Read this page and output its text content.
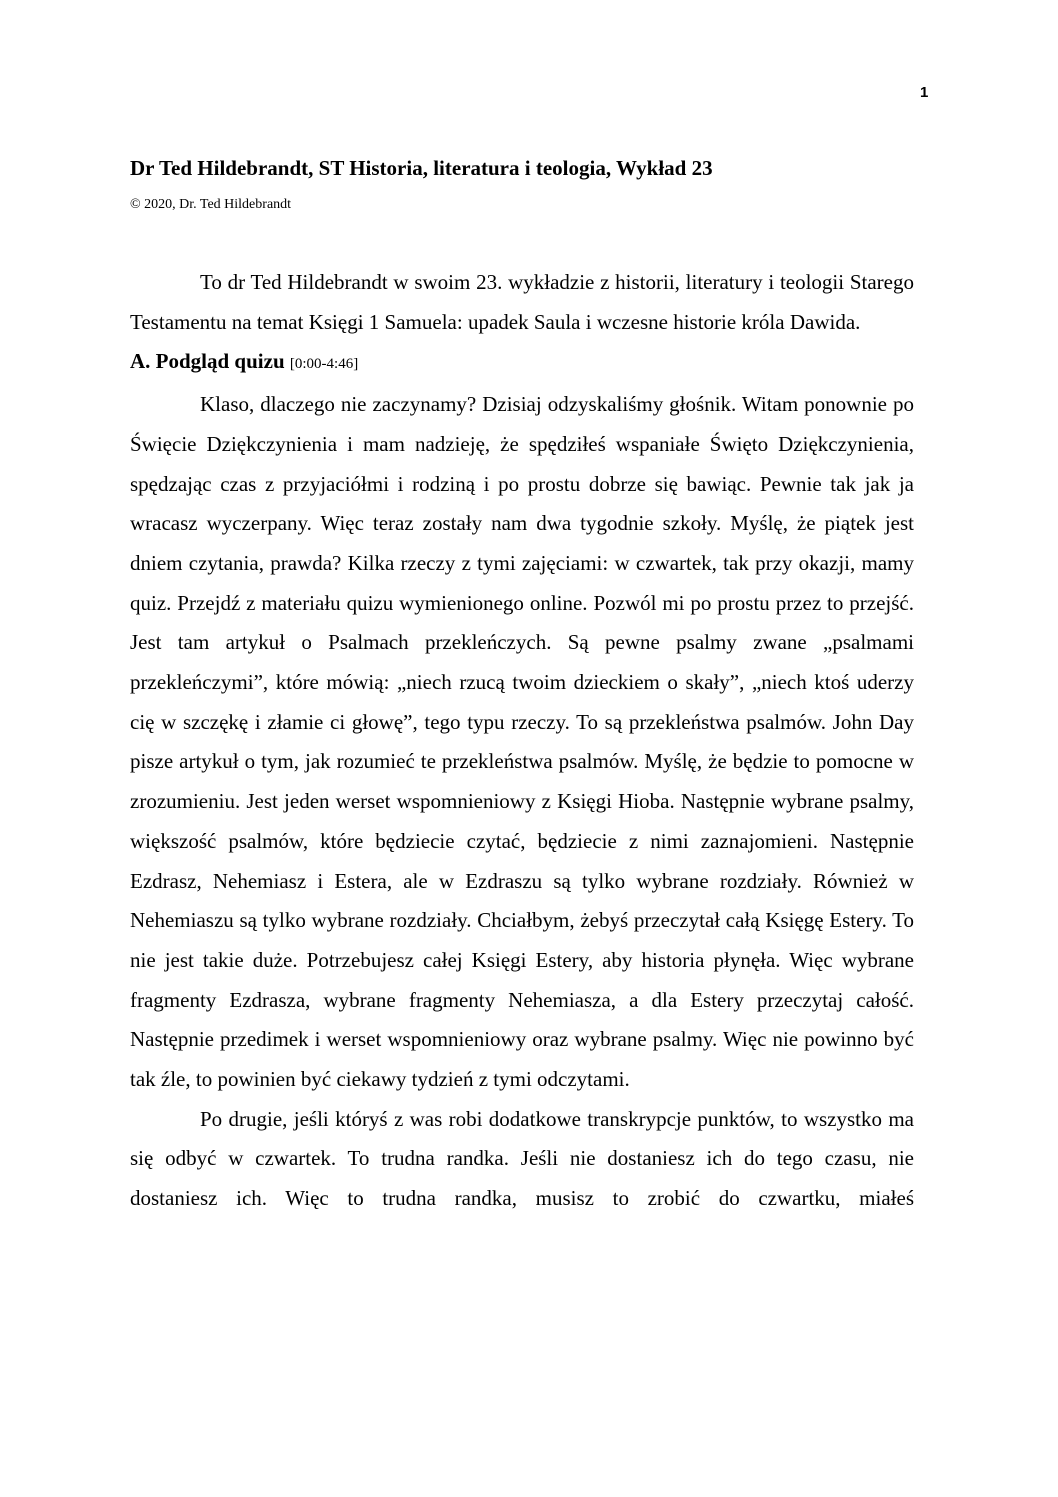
1
Dr Ted Hildebrandt, ST Historia, literatura i teologia, Wykład 23
© 2020, Dr. Ted Hildebrandt

To dr Ted Hildebrandt w swoim 23. wykładzie z historii, literatury i teologii Starego Testamentu na temat Księgi 1 Samuela: upadek Saula i wczesne historie króla Dawida.

A. Podgląd quizu [0:00-4:46]

Klaso, dlaczego nie zaczynamy? Dzisiaj odzyskaliśmy głośnik. Witam ponownie po Święcie Dziękczynienia i mam nadzieję, że spędziłeś wspaniałe Święto Dziękczynienia, spędzając czas z przyjaciółmi i rodziną i po prostu dobrze się bawiąc. Pewnie tak jak ja wracasz wyczerpany. Więc teraz zostały nam dwa tygodnie szkoły. Myślę, że piątek jest dniem czytania, prawda? Kilka rzeczy z tymi zajęciami: w czwartek, tak przy okazji, mamy quiz. Przejdź z materiału quizu wymienionego online. Pozwól mi po prostu przez to przejść. Jest tam artykuł o Psalmach przekleńczych. Są pewne psalmy zwane „psalmami przekleńczymi”, które mówią: „niech rzucą twoim dzieckiem o skały”, „niech ktoś uderzy cię w szczękę i złamie ci głowę”, tego typu rzeczy. To są przekleństwa psalmów. John Day pisze artykuł o tym, jak rozumieć te przekleństwa psalmów. Myślę, że będzie to pomocne w zrozumieniu. Jest jeden werset wspomnieniowy z Księgi Hioba. Następnie wybrane psalmy, większość psalmów, które będziecie czytać, będziecie z nimi zaznajomieni. Następnie Ezdrasz, Nehemiasz i Estera, ale w Ezdraszu są tylko wybrane rozdziały. Również w Nehemiaszu są tylko wybrane rozdziały. Chciałbym, żebyś przeczytał całą Księgę Estery. To nie jest takie duże. Potrzebujesz całej Księgi Estery, aby historia płynęła. Więc wybrane fragmenty Ezdrasza, wybrane fragmenty Nehemiasza, a dla Estery przeczytaj całość. Następnie przedimek i werset wspomnieniowy oraz wybrane psalmy. Więc nie powinno być tak źle, to powinien być ciekawy tydzień z tymi odczytami.

Po drugie, jeśli któryś z was robi dodatkowe transkrypcje punktów, to wszystko ma się odbyć w czwartek. To trudna randka. Jeśli nie dostaniesz ich do tego czasu, nie dostaniesz ich. Więc to trudna randka, musisz to zrobić do czwartku, miałeś
